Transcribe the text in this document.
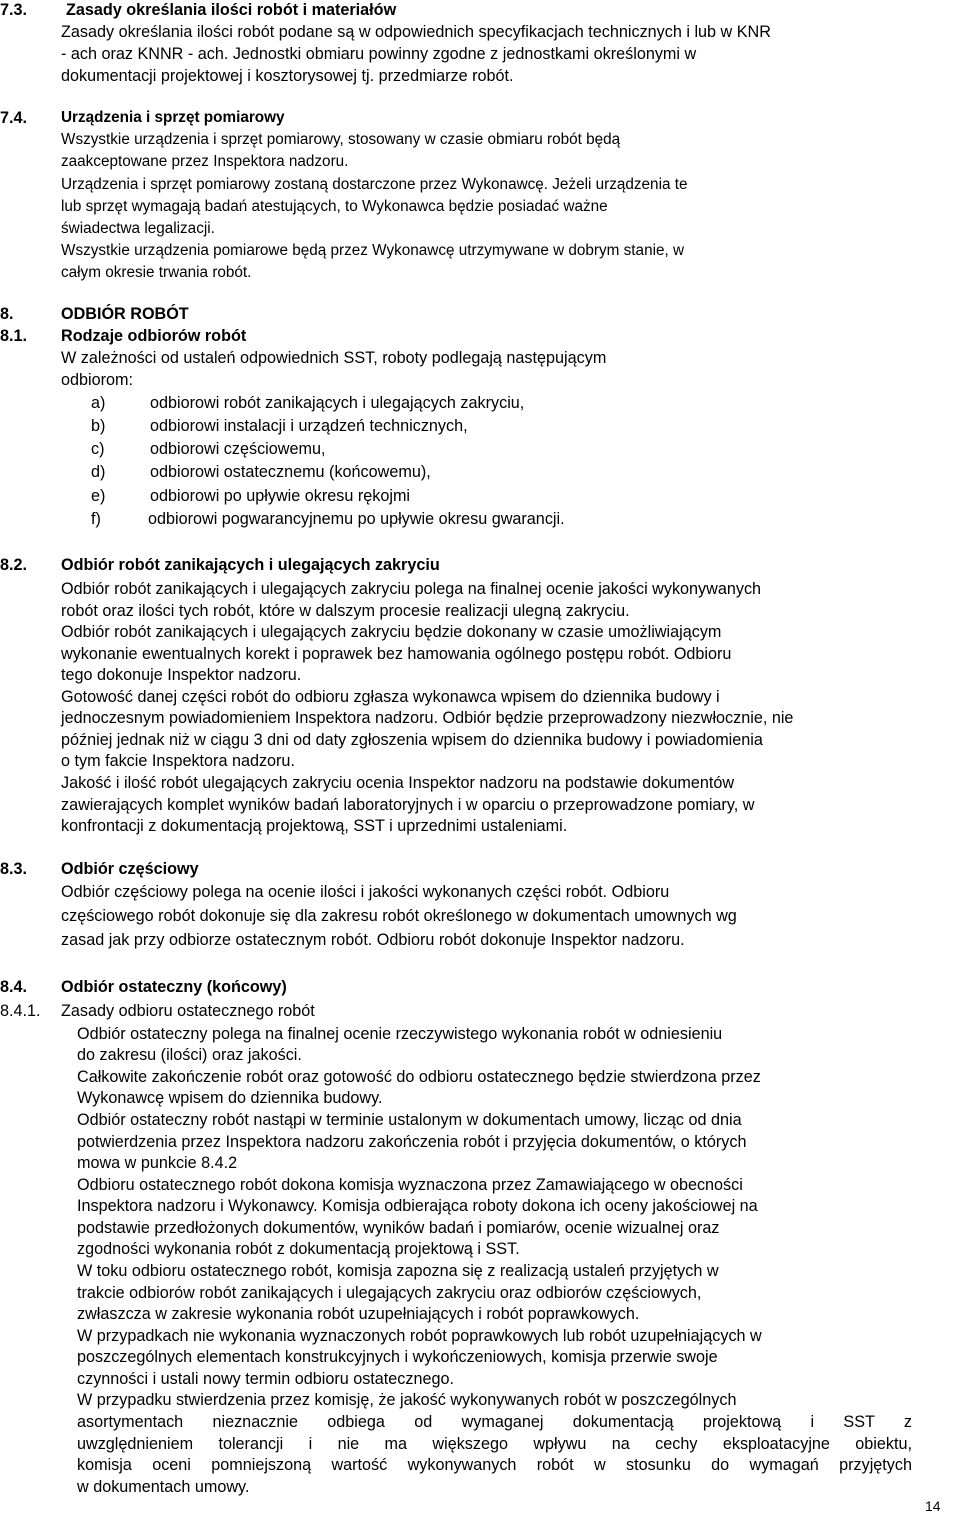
7.3. Zasady określania ilości robót i materiałów
Zasady określania ilości robót podane są w odpowiednich specyfikacjach technicznych i lub w KNR
- ach oraz KNNR - ach. Jednostki obmiaru powinny zgodne z jednostkami określonymi w
dokumentacji projektowej i kosztorysowej tj. przedmiarze robót.
7.4. Urządzenia i sprzęt pomiarowy
Wszystkie urządzenia i sprzęt pomiarowy, stosowany w czasie obmiaru robót będą
zaakceptowane przez Inspektora nadzoru.
Urządzenia i sprzęt pomiarowy zostaną dostarczone przez Wykonawcę. Jeżeli urządzenia te
lub sprzęt wymagają badań atestujących, to Wykonawca będzie posiadać ważne
świadectwa legalizacji.
Wszystkie urządzenia pomiarowe będą przez Wykonawcę utrzymywane w dobrym stanie, w
całym okresie trwania robót.
8.	ODBIÓR ROBÓT
8.1. Rodzaje odbiorów robót
W zależności od ustaleń odpowiednich SST, roboty podlegają następującym
odbiorom:
a)	odbiorowi robót zanikających i ulegających zakryciu,
b)	odbiorowi instalacji i urządzeń technicznych,
c)	odbiorowi częściowemu,
d)	odbiorowi ostatecznemu (końcowemu),
e)	odbiorowi po upływie okresu rękojmi
f)	odbiorowi pogwarancyjnemu po upływie okresu gwarancji.
8.2. Odbiór robót zanikających i ulegających zakryciu
Odbiór robót zanikających i ulegających zakryciu polega na finalnej ocenie jakości wykonywanych
robót oraz ilości tych robót, które w dalszym procesie realizacji ulegną zakryciu.
Odbiór robót zanikających i ulegających zakryciu będzie dokonany w czasie umożliwiającym
wykonanie ewentualnych korekt i poprawek bez hamowania ogólnego postępu robót. Odbioru
tego dokonuje Inspektor nadzoru.
Gotowość danej części robót do odbioru zgłasza wykonawca wpisem do dziennika budowy i
jednoczesnym powiadomieniem Inspektora nadzoru. Odbiór będzie przeprowadzony niezwłocznie, nie
później jednak niż w ciągu 3 dni od daty zgłoszenia wpisem do dziennika budowy i powiadomienia
o tym fakcie Inspektora nadzoru.
Jakość i ilość robót ulegających zakryciu ocenia Inspektor nadzoru na podstawie dokumentów
zawierających komplet wyników badań laboratoryjnych i w oparciu o przeprowadzone pomiary, w
konfrontacji z dokumentacją projektową, SST i uprzednimi ustaleniami.
8.3. Odbiór częściowy
Odbiór częściowy polega na ocenie ilości i jakości wykonanych części robót. Odbioru
częściowego robót dokonuje się dla zakresu robót określonego w dokumentach umownych wg
zasad jak przy odbiorze ostatecznym robót. Odbioru robót dokonuje Inspektor nadzoru.
8.4. Odbiór ostateczny (końcowy)
8.4.1. Zasady odbioru ostatecznego robót
Odbiór ostateczny polega na finalnej ocenie rzeczywistego wykonania robót w odniesieniu
do zakresu (ilości) oraz jakości.
Całkowite zakończenie robót oraz gotowość do odbioru ostatecznego będzie stwierdzona przez
Wykonawcę wpisem do dziennika budowy.
Odbiór ostateczny robót nastąpi w terminie ustalonym w dokumentach umowy, licząc od dnia
potwierdzenia przez Inspektora nadzoru zakończenia robót i przyjęcia dokumentów, o których
mowa w punkcie 8.4.2
Odbioru ostatecznego robót dokona komisja wyznaczona przez Zamawiającego w obecności
Inspektora nadzoru i Wykonawcy. Komisja odbierająca roboty dokona ich oceny jakościowej na
podstawie przedłożonych dokumentów, wyników badań i pomiarów, ocenie wizualnej oraz
zgodności wykonania robót z dokumentacją projektową i SST.
W toku odbioru ostatecznego robót, komisja zapozna się z realizacją ustaleń przyjętych w
trakcie odbiorów robót zanikających i ulegających zakryciu oraz odbiorów częściowych,
zwłaszcza w zakresie wykonania robót uzupełniających i robót poprawkowych.
W przypadkach nie wykonania wyznaczonych robót poprawkowych lub robót uzupełniających w
poszczególnych elementach konstrukcyjnych i wykończeniowych, komisja przerwie swoje
czynności i ustali nowy termin odbioru ostatecznego.
W przypadku stwierdzenia przez komisję, że jakość wykonywanych robót w poszczególnych
asortymentach nieznacznie odbiega od wymaganej dokumentacją projektową i SST z
uwzględnieniem tolerancji i nie ma większego wpływu na cechy eksploatacyjne obiektu,
komisja oceni pomniejszoną wartość wykonywanych robót w stosunku do wymagań przyjętych
w dokumentach umowy.
14
